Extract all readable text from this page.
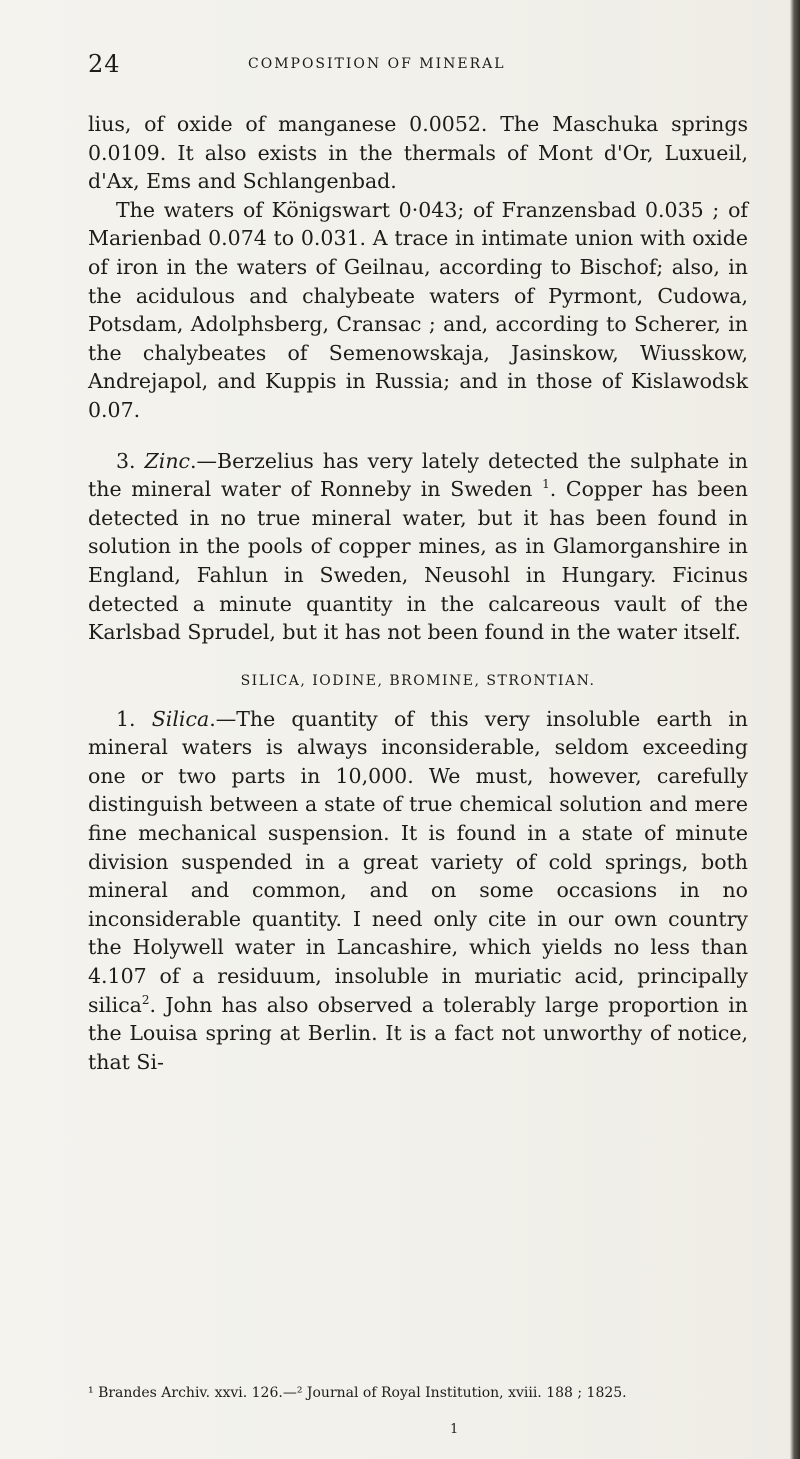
24	COMPOSITION OF MINERAL

lius, of oxide of manganese 0.0052. The Maschuka springs 0.0109. It also exists in the thermals of Mont d'Or, Luxueil, d'Ax, Ems and Schlangenbad.

The waters of Königswart 0·043; of Franzensbad 0.035 ; of Marienbad 0.074 to 0.031. A trace in intimate union with oxide of iron in the waters of Geilnau, according to Bischof; also, in the acidulous and chalybeate waters of Pyrmont, Cudowa, Potsdam, Adolphsberg, Cransac ; and, according to Scherer, in the chalybeates of Semenowskaja, Jasinskow, Wiusskow, Andrejapol, and Kuppis in Russia; and in those of Kislawodsk 0.07.

3. Zinc.—Berzelius has very lately detected the sulphate in the mineral water of Ronneby in Sweden $^1$. Copper has been detected in no true mineral water, but it has been found in solution in the pools of copper mines, as in Glamorganshire in England, Fahlun in Sweden, Neusohl in Hungary. Ficinus detected a minute quantity in the calcareous vault of the Karlsbad Sprudel, but it has not been found in the water itself.

SILICA, IODINE, BROMINE, STRONTIAN.

1. Silica.—The quantity of this very insoluble earth in mineral waters is always inconsiderable, seldom exceeding one or two parts in 10,000. We must, however, carefully distinguish between a state of true chemical solution and mere fine mechanical suspension. It is found in a state of minute division suspended in a great variety of cold springs, both mineral and common, and on some occasions in no inconsiderable quantity. I need only cite in our own country the Holywell water in Lancashire, which yields no less than 4.107 of a residuum, insoluble in muriatic acid, principally silica$^2$. John has also observed a tolerably large proportion in the Louisa spring at Berlin. It is a fact not unworthy of notice, that Si-

¹ Brandes Archiv. xxvi. 126.—² Journal of Royal Institution, xviii. 188 ; 1825.
1
